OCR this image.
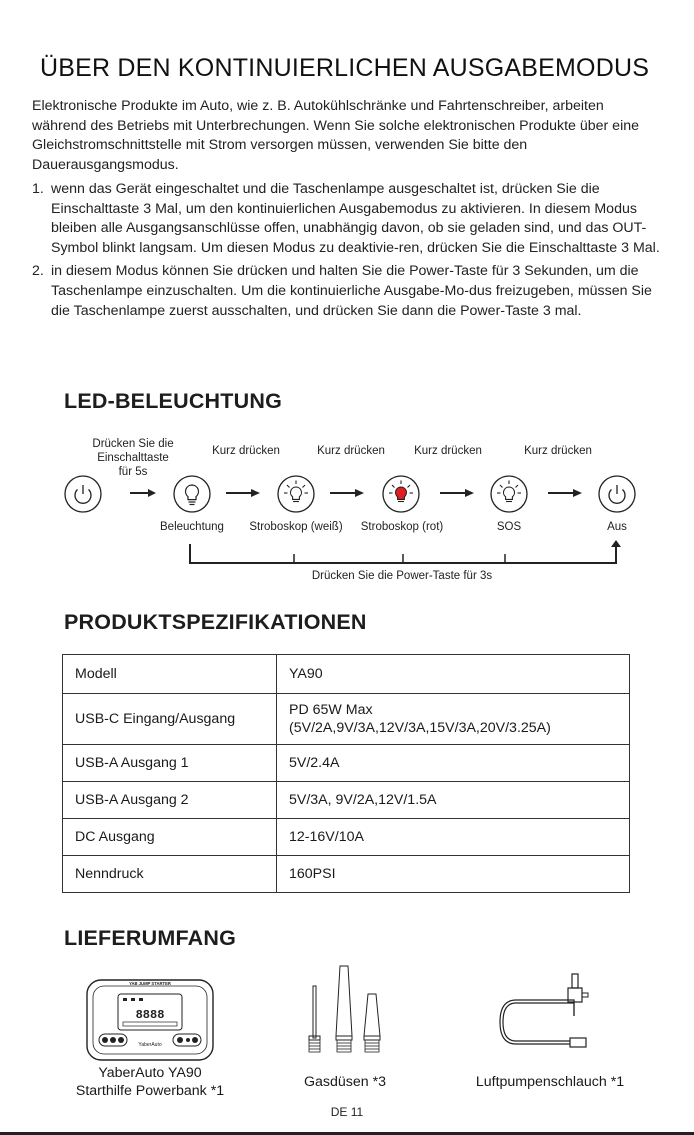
ÜBER DEN KONTINUIERLICHEN AUSGABEMODUS
Elektronische Produkte im Auto, wie z. B. Autokühlschränke und Fahrtenschreiber, arbeiten während des Betriebs mit Unterbrechungen. Wenn Sie solche elektronischen Produkte über eine Gleichstromschnittstelle mit Strom versorgen müssen, verwenden Sie bitte den Dauerausgangsmodus.
1. wenn das Gerät eingeschaltet und die Taschenlampe ausgeschaltet ist, drücken Sie die Einschalttaste 3 Mal, um den kontinuierlichen Ausgabemodus zu aktivieren. In diesem Modus bleiben alle Ausgangsanschlüsse offen, unabhängig davon, ob sie geladen sind, und das OUT-Symbol blinkt langsam. Um diesen Modus zu deaktivie-ren, drücken Sie die Einschalttaste 3 Mal.
2. in diesem Modus können Sie drücken und halten Sie die Power-Taste für 3 Sekunden, um die Taschenlampe einzuschalten. Um die kontinuierliche Ausgabe-Mo-dus freizugeben, müssen Sie die Taschenlampe zuerst ausschalten, und drücken Sie dann die Power-Taste 3 mal.
LED-BELEUCHTUNG
Drücken Sie die
Einschalttaste
für 5s
Kurz drücken	Kurz drücken	Kurz drücken	Kurz drücken
Beleuchtung	Stroboskop (weiß)	Stroboskop (rot)	SOS	Aus
Drücken Sie die Power-Taste für 3s
PRODUKTSPEZIFIKATIONEN
Modell	YA90
USB-C Eingang/Ausgang	PD 65W Max
(5V/2A,9V/3A,12V/3A,15V/3A,20V/3.25A)

USB-A Ausgang 1	5V/2.4A
USB-A Ausgang 2	5V/3A, 9V/2A,12V/1.5A
DC Ausgang	12-16V/10A
Nenndruck	160PSI
LIEFERUMFANG
YAB JUMP STARTER
8888
YaberAuto
YaberAuto YA90
Starthilfe Powerbank *1
Gasdüsen *3	Luftpumpenschlauch *1
DE 11
